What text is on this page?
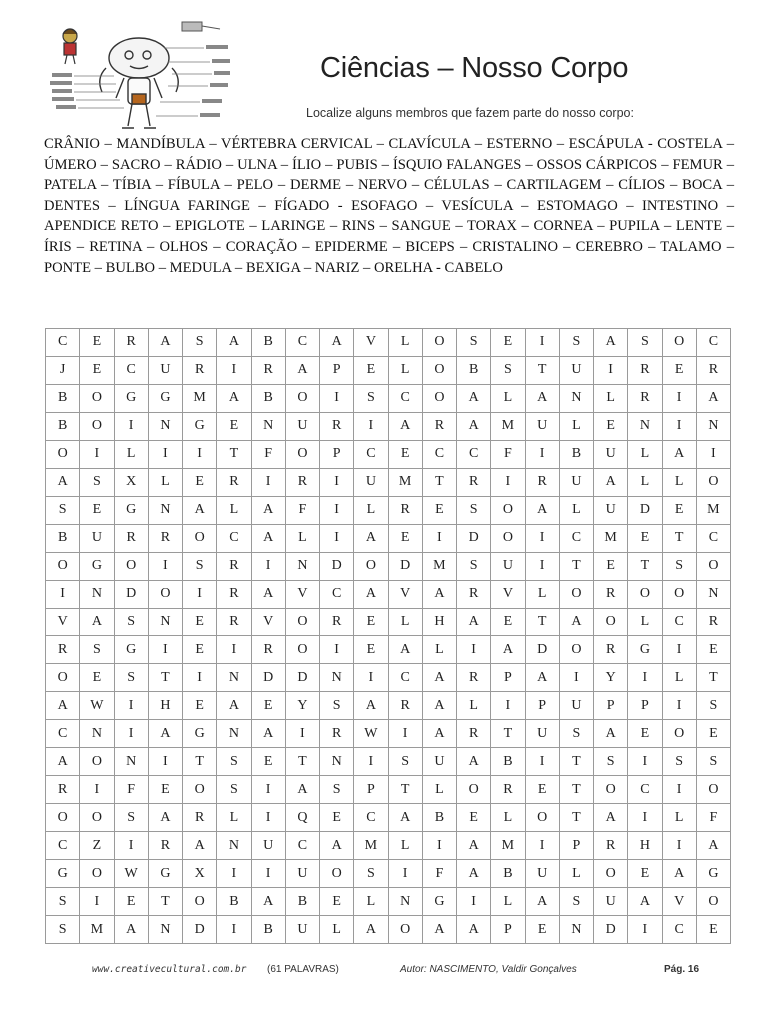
Ciências – Nosso Corpo
Localize alguns membros que fazem parte do nosso corpo:
CRÂNIO – MANDÍBULA – VÉRTEBRA CERVICAL – CLAVÍCULA – ESTERNO – ESCÁPULA - COSTELA – ÚMERO – SACRO – RÁDIO – ULNA – ÍLIO – PUBIS – ÍSQUIO FALANGES – OSSOS CÁRPICOS – FEMUR – PATELA – TÍBIA – FÍBULA – PELO – DERME – NERVO – CÉLULAS – CARTILAGEM – CÍLIOS – BOCA – DENTES – LÍNGUA FARINGE – FÍGADO - ESOFAGO – VESÍCULA – ESTOMAGO – INTESTINO – APENDICE RETO – EPIGLOTE – LARINGE – RINS – SANGUE – TORAX – CORNEA – PUPILA – LENTE – ÍRIS – RETINA – OLHOS – CORAÇÃO – EPIDERME – BICEPS – CRISTALINO – CEREBRO – TALAMO – PONTE – BULBO – MEDULA – BEXIGA – NARIZ – ORELHA - CABELO
C	E	R	A	S	A	B	C	A	V	L	O	S	E	I	S	A	S	O	C
J	E	C	U	R	I	R	A	P	E	L	O	B	S	T	U	I	R	E	R
B	O	G	G	M	A	B	O	I	S	C	O	A	L	A	N	L	R	I	A
B	O	I	N	G	E	N	U	R	I	A	R	A	M	U	L	E	N	I	N
O	I	L	I	I	T	F	O	P	C	E	C	C	F	I	B	U	L	A	I
A	S	X	L	E	R	I	R	I	U	M	T	R	I	R	U	A	L	L	O
S	E	G	N	A	L	A	F	I	L	R	E	S	O	A	L	U	D	E	M
B	U	R	R	O	C	A	L	I	A	E	I	D	O	I	C	M	E	T	C
O	G	O	I	S	R	I	N	D	O	D	M	S	U	I	T	E	T	S	O
I	N	D	O	I	R	A	V	C	A	V	A	R	V	L	O	R	O	O	N
V	A	S	N	E	R	V	O	R	E	L	H	A	E	T	A	O	L	C	R
R	S	G	I	E	I	R	O	I	E	A	L	I	A	D	O	R	G	I	E
O	E	S	T	I	N	D	D	N	I	C	A	R	P	A	I	Y	I	L	T
A	W	I	H	E	A	E	Y	S	A	R	A	L	I	P	U	P	P	I	S
C	N	I	A	G	N	A	I	R	W	I	A	R	T	U	S	A	E	O	E
A	O	N	I	T	S	E	T	N	I	S	U	A	B	I	T	S	I	S	S
R	I	F	E	O	S	I	A	S	P	T	L	O	R	E	T	O	C	I	O
O	O	S	A	R	L	I	Q	E	C	A	B	E	L	O	T	A	I	L	F
C	Z	I	R	A	N	U	C	A	M	L	I	A	M	I	P	R	H	I	A
G	O	W	G	X	I	I	U	O	S	I	F	A	B	U	L	O	E	A	G
S	I	E	T	O	B	A	B	E	L	N	G	I	L	A	S	U	A	V	O
S	M	A	N	D	I	B	U	L	A	O	A	A	P	E	N	D	I	C	E
www.creativecultural.com.br (61 PALAVRAS)	Autor: NASCIMENTO, Valdir Gonçalves	Pág. 16
